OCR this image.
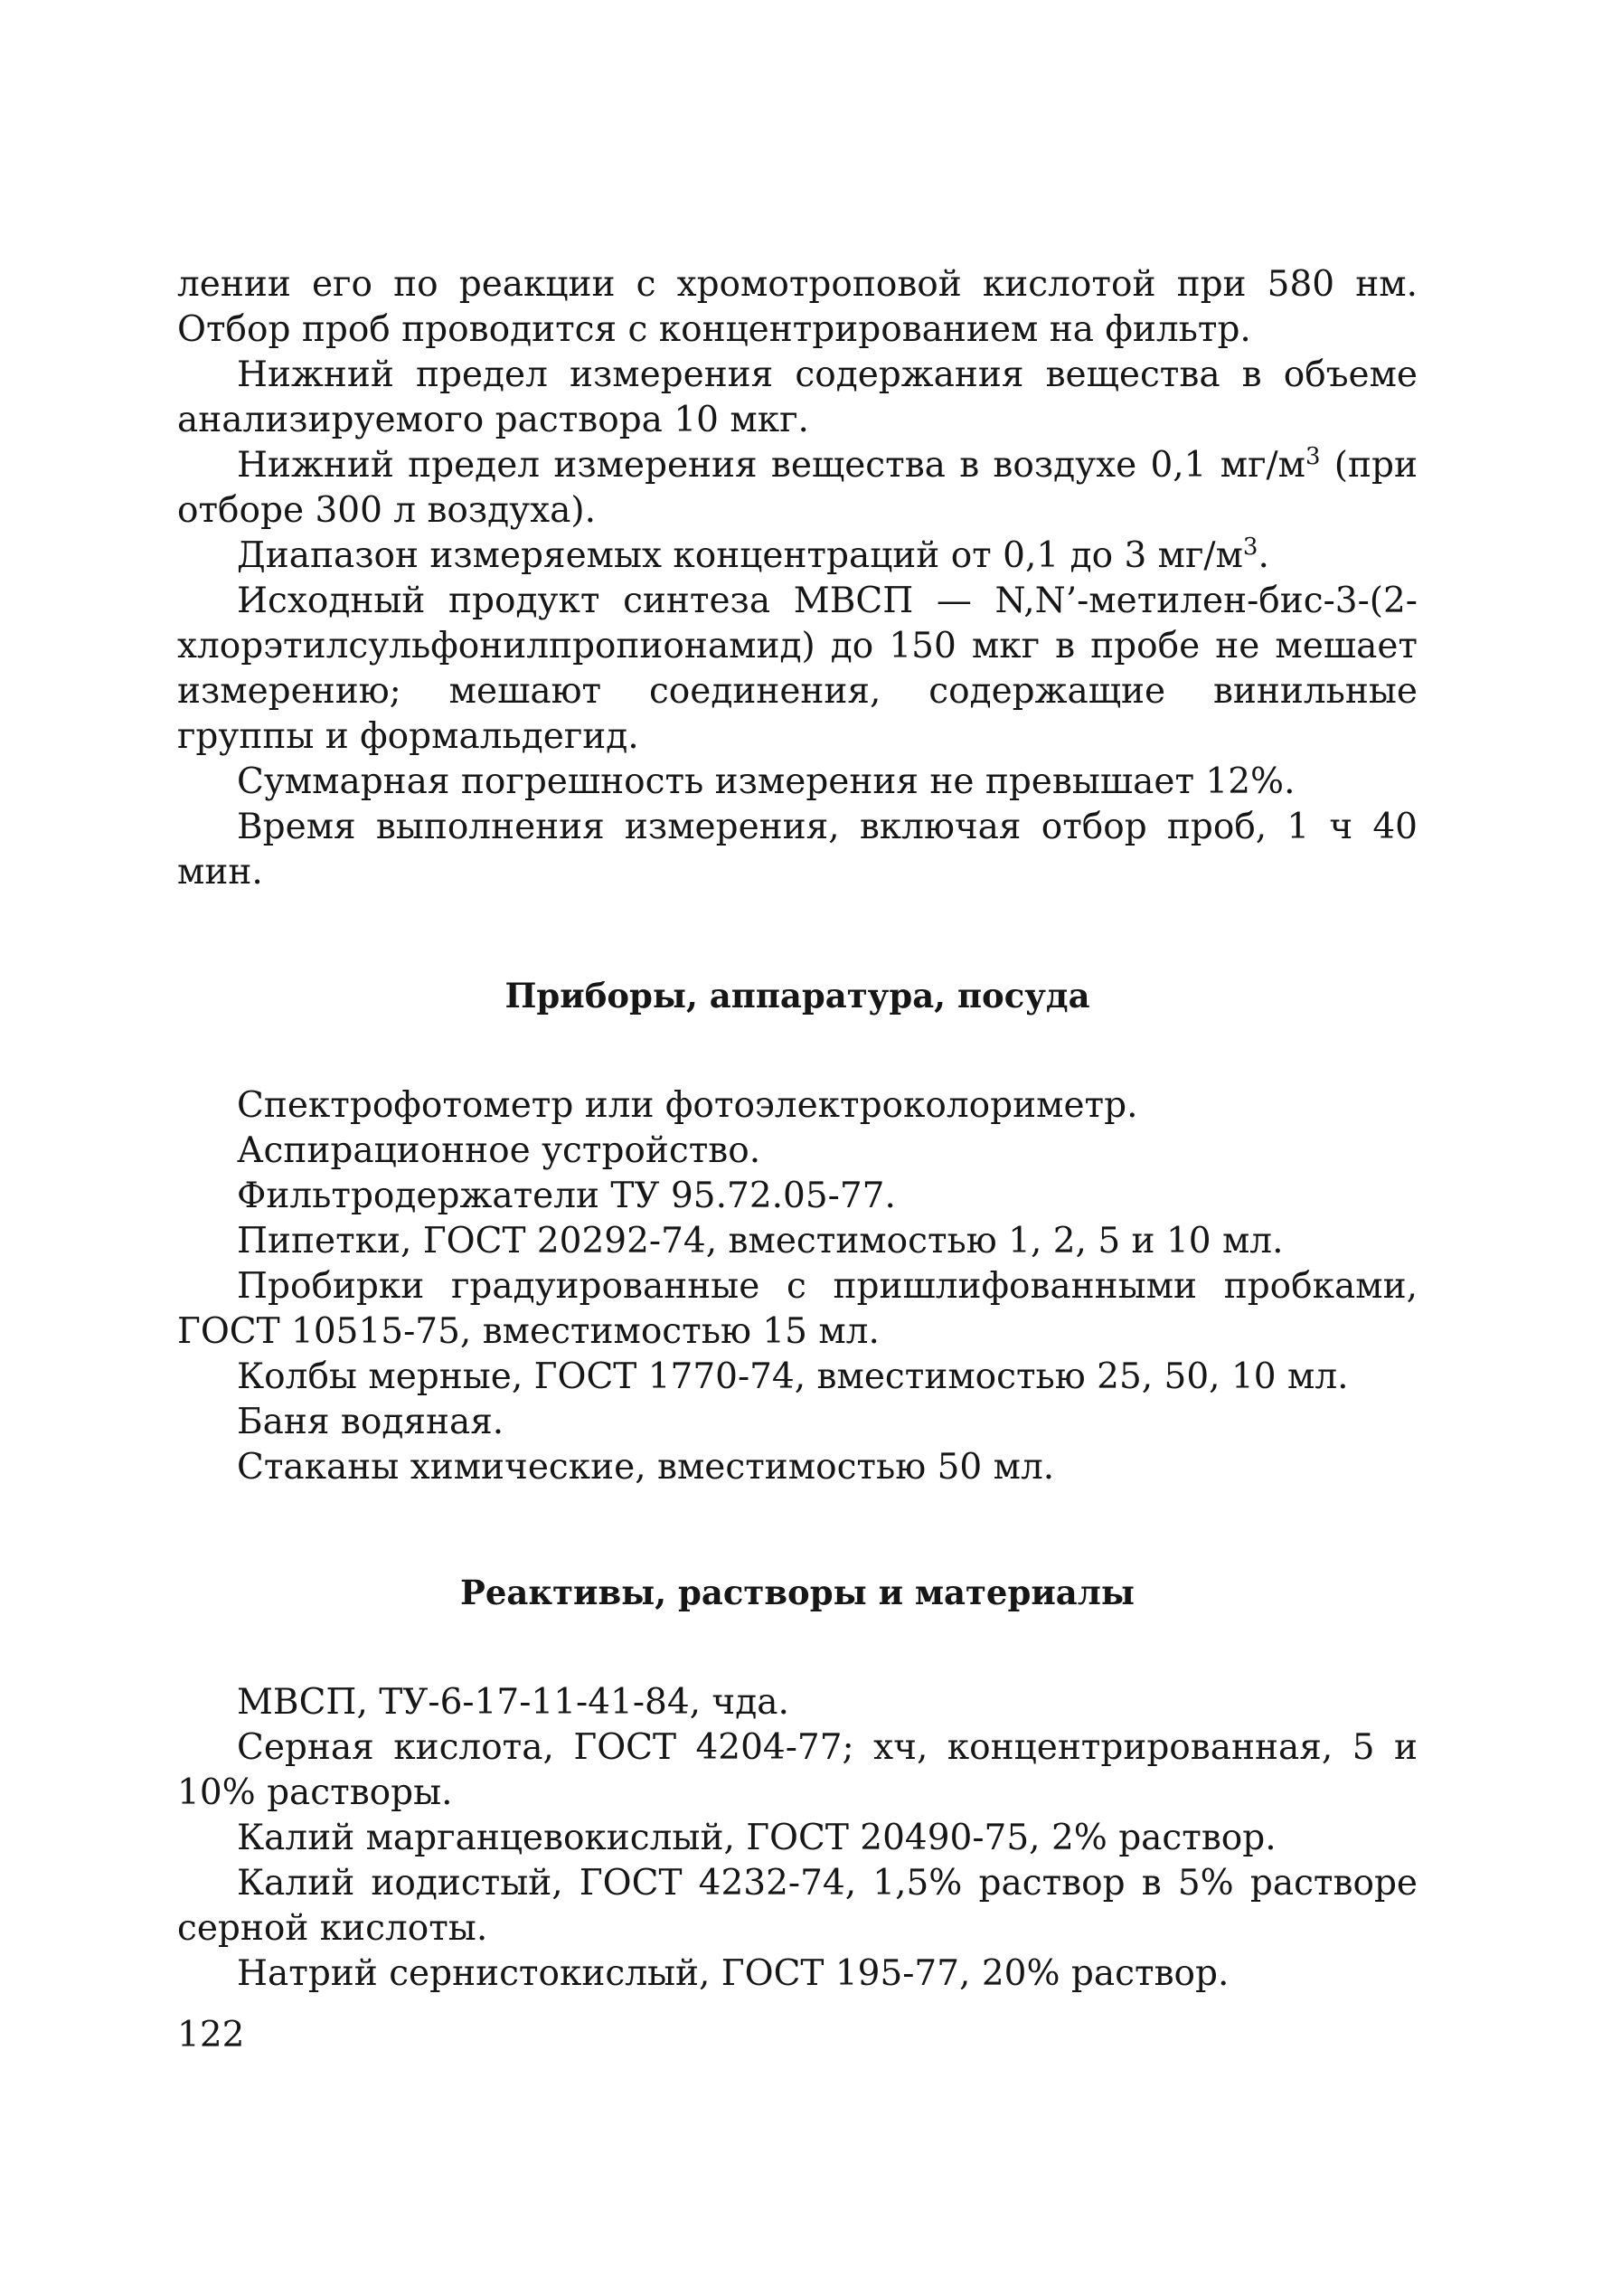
лении его по реакции с хромотроповой кислотой при 580 нм. Отбор проб проводится с концентрированием на фильтр.

Нижний предел измерения содержания вещества в объеме анализируемого раствора 10 мкг.

Нижний предел измерения вещества в воздухе 0,1 $мг/м^3$ (при отборе 300 л воздуха).

Диапазон измеряемых концентраций от 0,1 до 3 $мг/м^3$.

Исходный продукт синтеза МВСП — N,N’-метилен-бис-3-(2-хлорэтилсульфонилпропионамид) до 150 мкг в пробе не мешает измерению; мешают соединения, содержащие винильные группы и формальдегид.

Суммарная погрешность измерения не превышает 12%.

Время выполнения измерения, включая отбор проб, 1 ч 40 мин.

Приборы, аппаратура, посуда

Спектрофотометр или фотоэлектроколориметр.

Аспирационное устройство.

Фильтродержатели ТУ 95.72.05-77.

Пипетки, ГОСТ 20292-74, вместимостью 1, 2, 5 и 10 мл.

Пробирки градуированные с пришлифованными пробками, ГОСТ 10515-75, вместимостью 15 мл.

Колбы мерные, ГОСТ 1770-74, вместимостью 25, 50, 10 мл.

Баня водяная.

Стаканы химические, вместимостью 50 мл.

Реактивы, растворы и материалы

МВСП, ТУ-6-17-11-41-84, чда.

Серная кислота, ГОСТ 4204-77; хч, концентрированная, 5 и 10% растворы.

Калий марганцевокислый, ГОСТ 20490-75, 2% раствор.

Калий иодистый, ГОСТ 4232-74, 1,5% раствор в 5% растворе серной кислоты.

Натрий сернистокислый, ГОСТ 195-77, 20% раствор.

122
